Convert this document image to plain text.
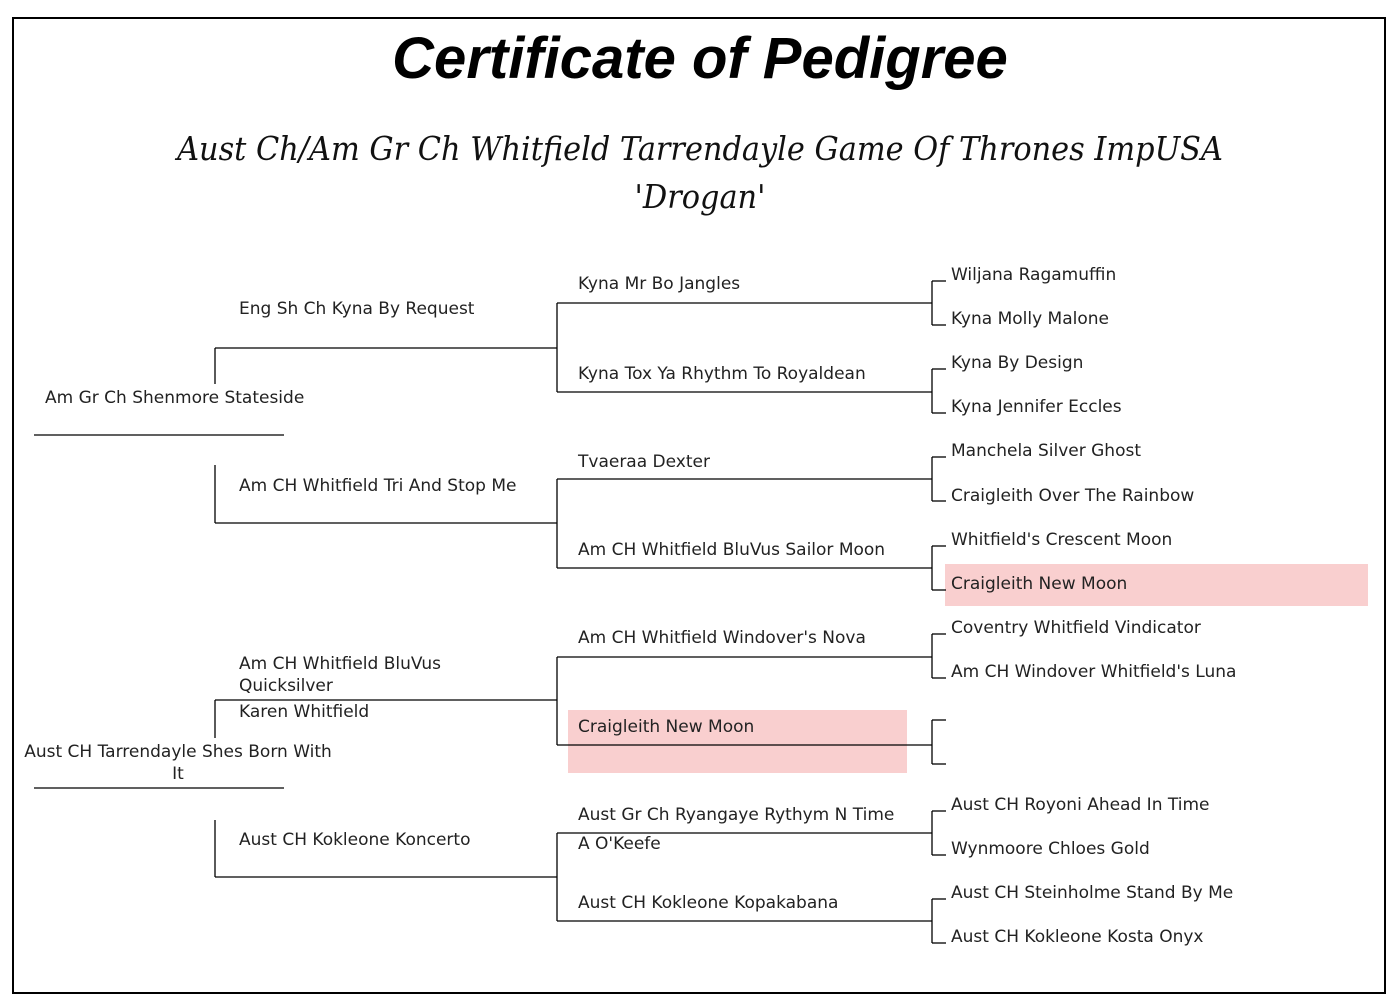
Certificate of Pedigree
Aust Ch/Am Gr Ch Whitfield Tarrendayle Game Of Thrones ImpUSA
'Drogan'
Am Gr Ch Shenmore Stateside
Aust CH Tarrendayle Shes Born With It
Eng Sh Ch Kyna By Request
Am CH Whitfield Tri And Stop Me
Am CH Whitfield BluVus Quicksilver
Karen Whitfield
Aust CH Kokleone Koncerto
Kyna Mr Bo Jangles
Kyna Tox Ya Rhythm To Royaldean
Tvaeraa Dexter
Am CH Whitfield BluVus Sailor Moon
Am CH Whitfield Windover's Nova
Craigleith New Moon
Aust Gr Ch Ryangaye Rythym N Time
A O'Keefe
Aust CH Kokleone Kopakabana
Wiljana Ragamuffin
Kyna Molly Malone
Kyna By Design
Kyna Jennifer Eccles
Manchela Silver Ghost
Craigleith Over The Rainbow
Whitfield's Crescent Moon
Craigleith New Moon
Coventry Whitfield Vindicator
Am CH Windover Whitfield's Luna
Aust CH Royoni Ahead In Time
Wynmoore Chloes Gold
Aust CH Steinholme Stand By Me
Aust CH Kokleone Kosta Onyx
